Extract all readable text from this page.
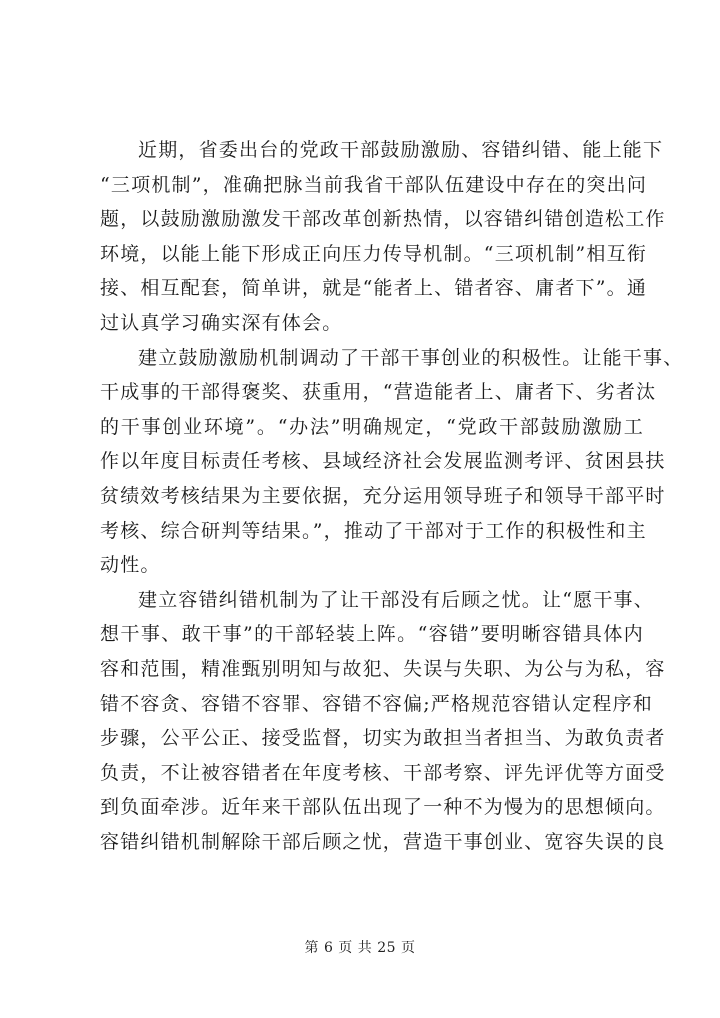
近期，省委出台的党政干部鼓励激励、容错纠错、能上能下
“三项机制”，准确把脉当前我省干部队伍建设中存在的突出问
题，以鼓励激励激发干部改革创新热情，以容错纠错创造松工作
环境，以能上能下形成正向压力传导机制。“三项机制”相互衔
接、相互配套，简单讲，就是“能者上、错者容、庸者下”。通
过认真学习确实深有体会。
建立鼓励激励机制调动了干部干事创业的积极性。让能干事、
干成事的干部得褒奖、获重用，“营造能者上、庸者下、劣者汰
的干事创业环境”。“办法”明确规定，“党政干部鼓励激励工
作以年度目标责任考核、县域经济社会发展监测考评、贫困县扶
贫绩效考核结果为主要依据，充分运用领导班子和领导干部平时
考核、综合研判等结果。”，推动了干部对于工作的积极性和主
动性。
建立容错纠错机制为了让干部没有后顾之忧。让“愿干事、
想干事、敢干事”的干部轻装上阵。“容错”要明晰容错具体内
容和范围，精准甄别明知与故犯、失误与失职、为公与为私，容
错不容贪、容错不容罪、容错不容偏;严格规范容错认定程序和
步骤，公平公正、接受监督，切实为敢担当者担当、为敢负责者
负责，不让被容错者在年度考核、干部考察、评先评优等方面受
到负面牵涉。近年来干部队伍出现了一种不为慢为的思想倾向。
容错纠错机制解除干部后顾之忧，营造干事创业、宽容失误的良
第 6 页 共 25 页
